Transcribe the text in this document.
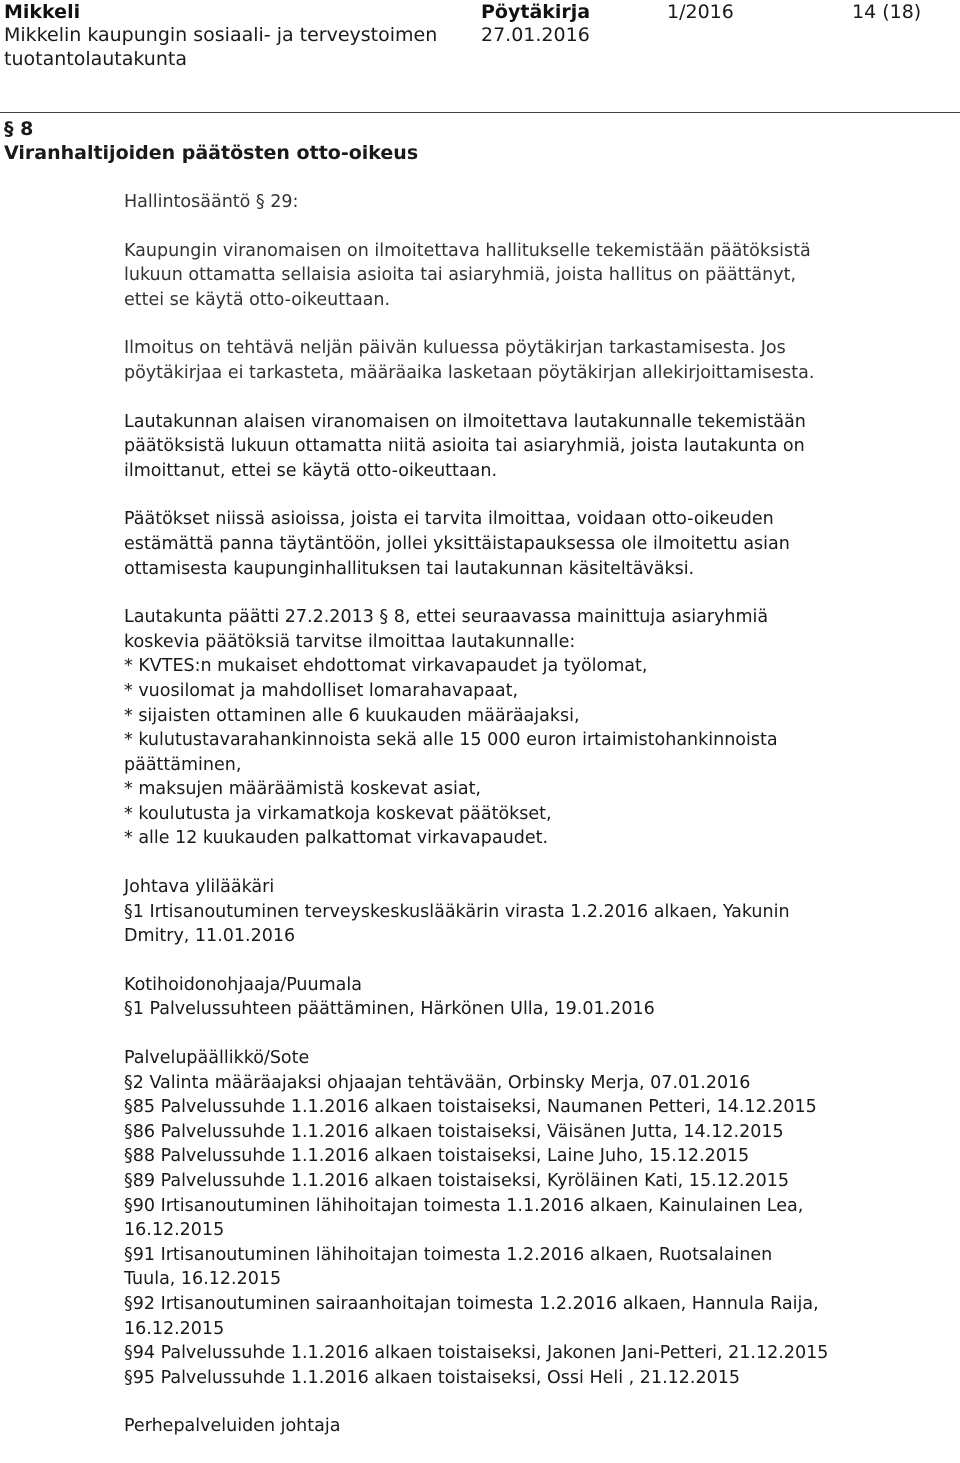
Mikkeli
Mikkelin kaupungin sosiaali- ja terveystoimen
tuotantolautakunta
Pöytäkirja	1/2016
27.01.2016
14 (18)
§ 8
Viranhaltijoiden päätösten otto-oikeus
Hallintosääntö § 29:
Kaupungin viranomaisen on ilmoitettava hallitukselle tekemistään päätöksistä
lukuun ottamatta sellaisia asioita tai asiaryhmiä, joista hallitus on päättänyt,
ettei se käytä otto-oikeuttaan.
Ilmoitus on tehtävä neljän päivän kuluessa pöytäkirjan tarkastamisesta. Jos
pöytäkirjaa ei tarkasteta, määräaika lasketaan pöytäkirjan allekirjoittamisesta.
Lautakunnan alaisen viranomaisen on ilmoitettava lautakunnalle tekemistään
päätöksistä lukuun ottamatta niitä asioita tai asiaryhmiä, joista lautakunta on
ilmoittanut, ettei se käytä otto-oikeuttaan.
Päätökset niissä asioissa, joista ei tarvita ilmoittaa, voidaan otto-oikeuden
estämättä panna täytäntöön, jollei yksittäistapauksessa ole ilmoitettu asian
ottamisesta kaupunginhallituksen tai lautakunnan käsiteltäväksi.
Lautakunta päätti 27.2.2013 § 8, ettei seuraavassa mainittuja asiaryhmiä
koskevia päätöksiä tarvitse ilmoittaa lautakunnalle:
* KVTES:n mukaiset ehdottomat virkavapaudet ja työlomat,
* vuosilomat ja mahdolliset lomarahavapaat,
* sijaisten ottaminen alle 6 kuukauden määräajaksi,
* kulutustavarahankinnoista sekä alle 15 000 euron irtaimistohankinnoista
päättäminen,
* maksujen määräämistä koskevat asiat,
* koulutusta ja virkamatkoja koskevat päätökset,
* alle 12 kuukauden palkattomat virkavapaudet.
Johtava ylilääkäri
§1 Irtisanoutuminen terveyskeskuslääkärin virasta 1.2.2016 alkaen, Yakunin
Dmitry, 11.01.2016
Kotihoidonohjaaja/Puumala
§1 Palvelussuhteen päättäminen, Härkönen Ulla, 19.01.2016
Palvelupäällikkö/Sote
§2 Valinta määräajaksi ohjaajan tehtävään, Orbinsky Merja, 07.01.2016
§85 Palvelussuhde 1.1.2016 alkaen toistaiseksi, Naumanen Petteri, 14.12.2015
§86 Palvelussuhde 1.1.2016 alkaen toistaiseksi, Väisänen Jutta, 14.12.2015
§88 Palvelussuhde 1.1.2016 alkaen toistaiseksi, Laine Juho, 15.12.2015
§89 Palvelussuhde 1.1.2016 alkaen toistaiseksi, Kyröläinen Kati, 15.12.2015
§90 Irtisanoutuminen lähihoitajan toimesta 1.1.2016 alkaen, Kainulainen Lea,
16.12.2015
§91 Irtisanoutuminen lähihoitajan toimesta 1.2.2016 alkaen, Ruotsalainen
Tuula, 16.12.2015
§92 Irtisanoutuminen sairaanhoitajan toimesta 1.2.2016 alkaen, Hannula Raija,
16.12.2015
§94 Palvelussuhde 1.1.2016 alkaen toistaiseksi, Jakonen Jani-Petteri, 21.12.2015
§95 Palvelussuhde 1.1.2016 alkaen toistaiseksi, Ossi Heli , 21.12.2015
Perhepalveluiden johtaja
